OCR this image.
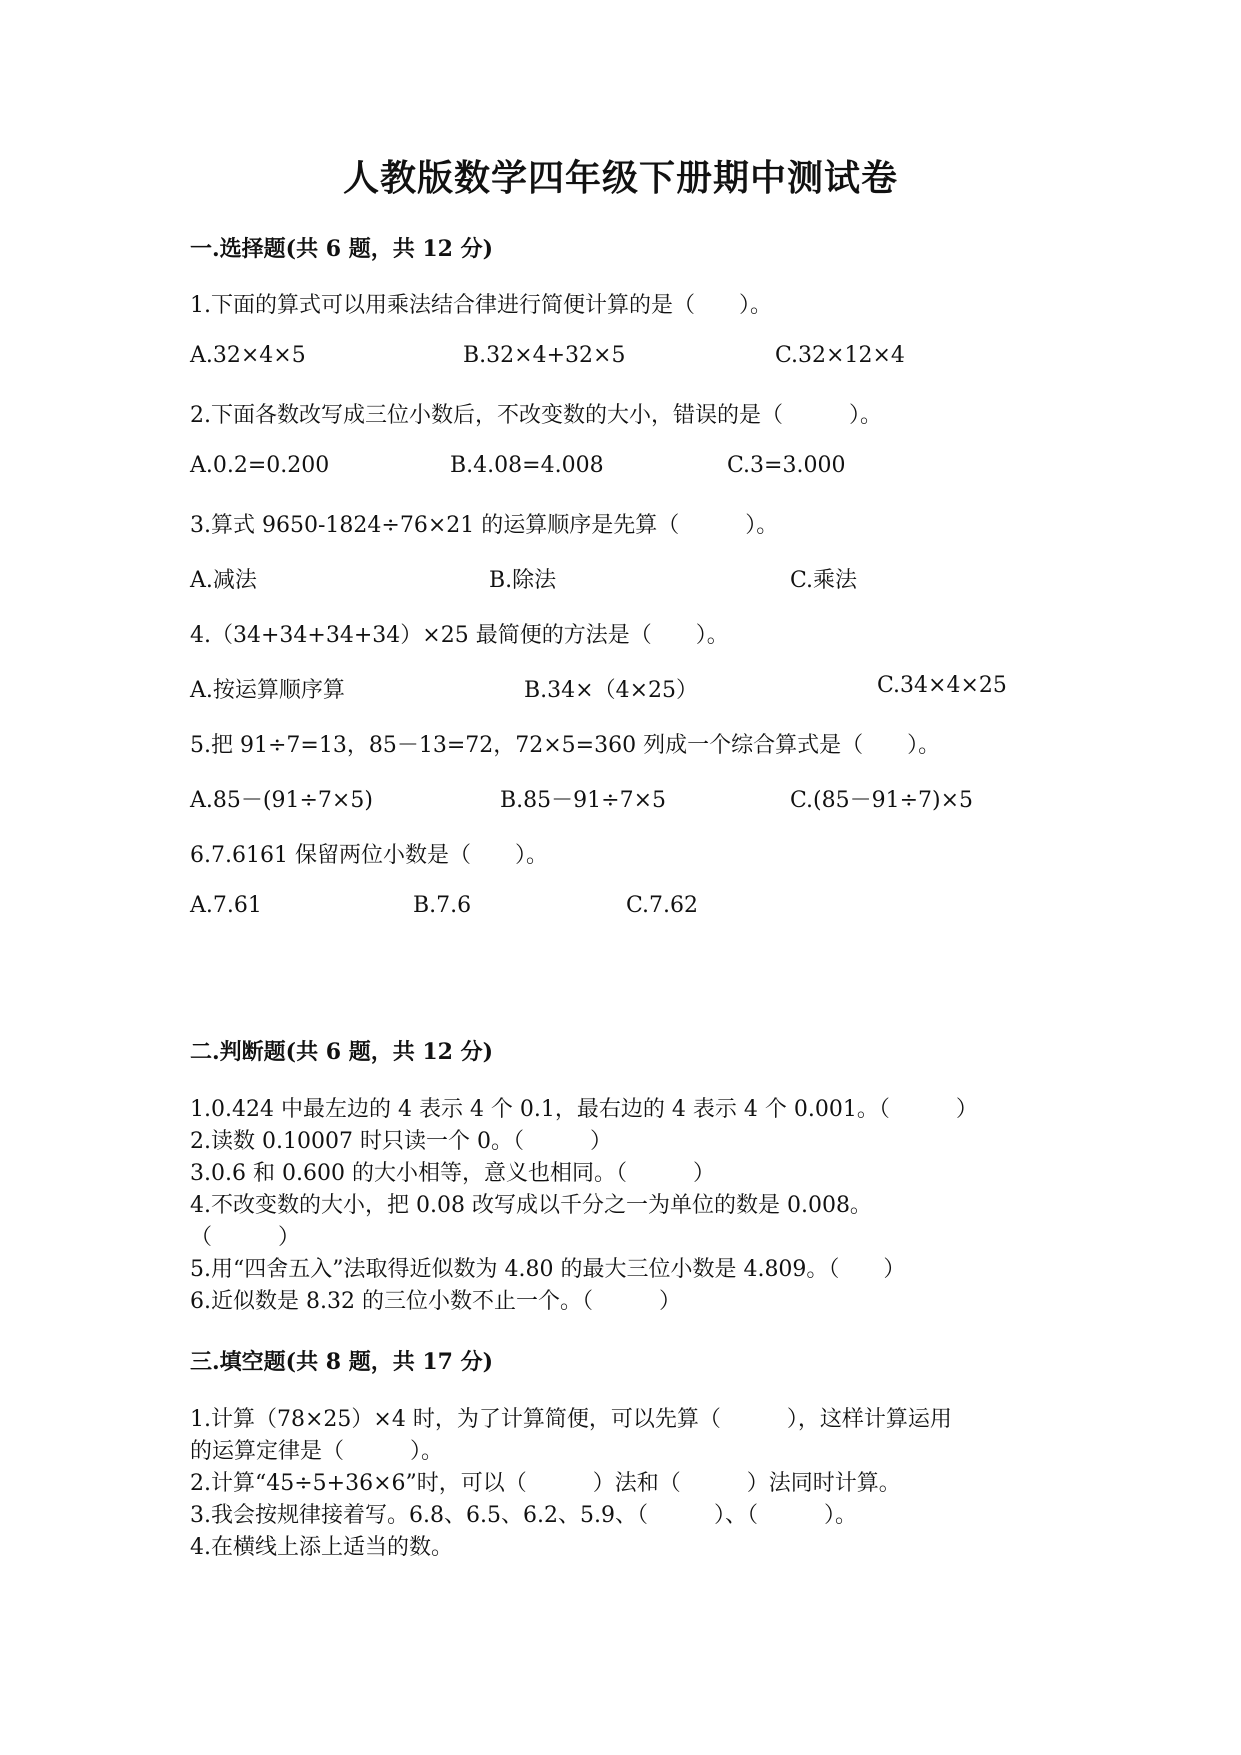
人教版数学四年级下册期中测试卷
一.选择题(共 6 题，共 12 分)
1.下面的算式可以用乘法结合律进行简便计算的是（　　）。
A.32×4×5	B.32×4+32×5	C.32×12×4
2.下面各数改写成三位小数后，不改变数的大小，错误的是（　　　）。
A.0.2=0.200	B.4.08=4.008	C.3=3.000
3.算式 9650-1824÷76×21 的运算顺序是先算（　　　）。
A.减法	B.除法	C.乘法
4.（34+34+34+34）×25 最简便的方法是（　　）。
A.按运算顺序算	B.34×（4×25）	C.34×4×25
5.把 91÷7=13，85－13=72，72×5=360 列成一个综合算式是（　　）。
A.85－(91÷7×5)	B.85－91÷7×5	C.(85－91÷7)×5
6.7.6161 保留两位小数是（　　）。
A.7.61	B.7.6	C.7.62
二.判断题(共 6 题，共 12 分)
1.0.424 中最左边的 4 表示 4 个 0.1，最右边的 4 表示 4 个 0.001。（　　　）
2.读数 0.10007 时只读一个 0。（　　　）
3.0.6 和 0.600 的大小相等，意义也相同。（　　　）
4.不改变数的大小，把 0.08 改写成以千分之一为单位的数是 0.008。
（　　　）
5.用“四舍五入”法取得近似数为 4.80 的最大三位小数是 4.809。（　　）
6.近似数是 8.32 的三位小数不止一个。（　　　）
三.填空题(共 8 题，共 17 分)
1.计算（78×25）×4 时，为了计算简便，可以先算（　　　），这样计算运用
的运算定律是（　　　）。
2.计算“45÷5+36×6”时，可以（　　　）法和（　　　）法同时计算。
3.我会按规律接着写。6.8、6.5、6.2、5.9、（　　　）、（　　　）。
4.在横线上添上适当的数。
